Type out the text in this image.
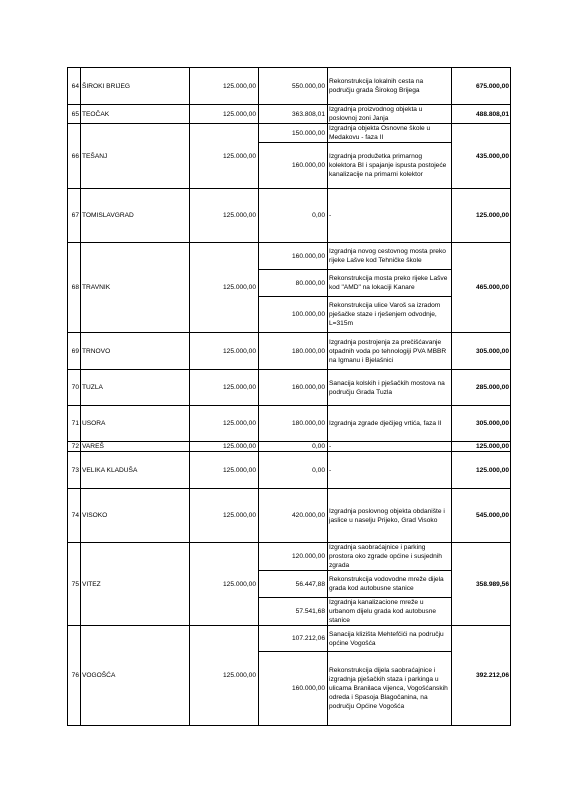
64	ŠIROKI BRIJEG	125.000,00	550.000,00	Rekonstrukcija lokalnih cesta na području grada Širokog Brijega	675.000,00
65	TEOČAK	125.000,00	363.808,01	Izgradnja proizvodnog objekta u poslovnoj zoni Janja	488.808,01
66	TEŠANJ	125.000,00	150.000,00	Izgradnja objekta Osnovne škole u Medakovu - faza II	435.000,00
			160.000,00	Izgradnja produžetka primarnog kolektora BI i spajanje ispusta postojeće kanalizacije na primarni kolektor	
67	TOMISLAVGRAD	125.000,00	0,00	-	125.000,00
68	TRAVNIK	125.000,00	160.000,00	Izgradnja novog cestovnog mosta preko rijeke Lašve kod Tehničke škole	465.000,00
			80.000,00	Rekonstrukcija mosta preko rijeke Lašve kod "AMD" na lokaciji Kanare	
			100.000,00	Rekonstrukcija ulice Varoš sa izradom pješačke staze i rješenjem odvodnje, L=315m	
69	TRNOVO	125.000,00	180.000,00	Izgradnja postrojenja za prečišćavanje otpadnih voda po tehnologiji PVA MBBR na Igmanu i Bjelašnici	305.000,00
70	TUZLA	125.000,00	160.000,00	Sanacija kolskih i pješačkih mostova na području Grada Tuzla	285.000,00
71	USORA	125.000,00	180.000,00	Izgradnja zgrade dječijeg vrtića, faza II	305.000,00
72	VAREŠ	125.000,00	0,00	-	125.000,00
73	VELIKA KLADUŠA	125.000,00	0,00	-	125.000,00
74	VISOKO	125.000,00	420.000,00	Izgradnja poslovnog objekta obdanište i jaslice u naselju Prijeko, Grad Visoko	545.000,00
75	VITEZ	125.000,00	120.000,00	Izgradnja saobraćajnice i parking prostora oko zgrade općine i susjednih zgrada	358.989,56
			56.447,88	Rekonstrukcija vodovodne mreže dijela grada kod autobusne stanice	
			57.541,68	Izgradnja kanalizacione mreže u urbanom dijelu grada kod autobusne stanice	
76	VOGOŠĆA	125.000,00	107.212,06	Sanacija klizišta Mehtefčići na području općine Vogošća	392.212,06
			160.000,00	Rekonstrukcija dijela saobraćajnice i izgradnja pješačkih staza i parkinga u ulicama Branilaca vijenca, Vogošćanskih odreda i Spasoja Blagočanina, na području Općine Vogošća	
